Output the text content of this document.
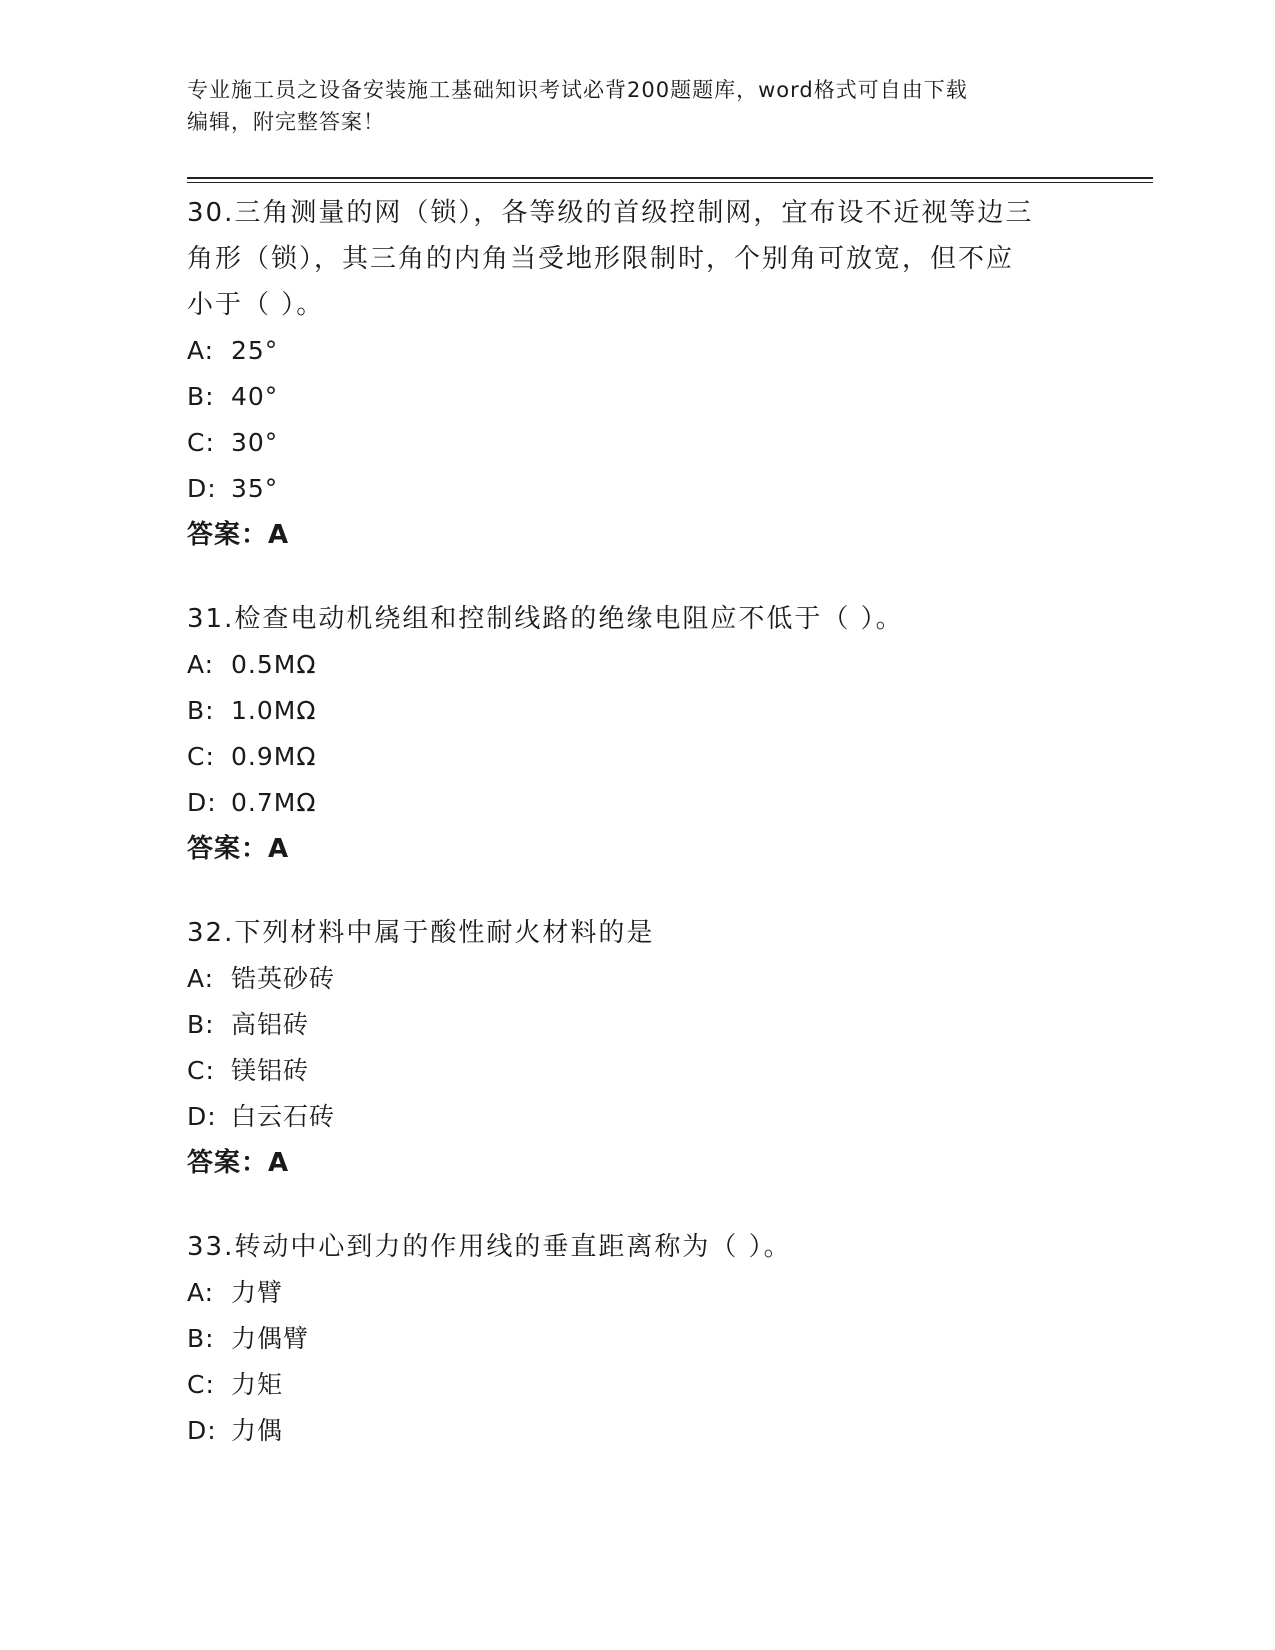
专业施工员之设备安装施工基础知识考试必背200题题库，word格式可自由下载
编辑，附完整答案！
30.三角测量的网（锁），各等级的首级控制网，宜布设不近视等边三
角形（锁），其三角的内角当受地形限制时，个别角可放宽，但不应
小于（ ）。
A: 25°
B: 40°
C: 30°
D: 35°
答案：A
31.检查电动机绕组和控制线路的绝缘电阻应不低于（ ）。
A: 0.5MΩ
B: 1.0MΩ
C: 0.9MΩ
D: 0.7MΩ
答案：A
32.下列材料中属于酸性耐火材料的是
A: 锆英砂砖
B: 高铝砖
C: 镁铝砖
D: 白云石砖
答案：A
33.转动中心到力的作用线的垂直距离称为（ ）。
A: 力臂
B: 力偶臂
C: 力矩
D: 力偶
